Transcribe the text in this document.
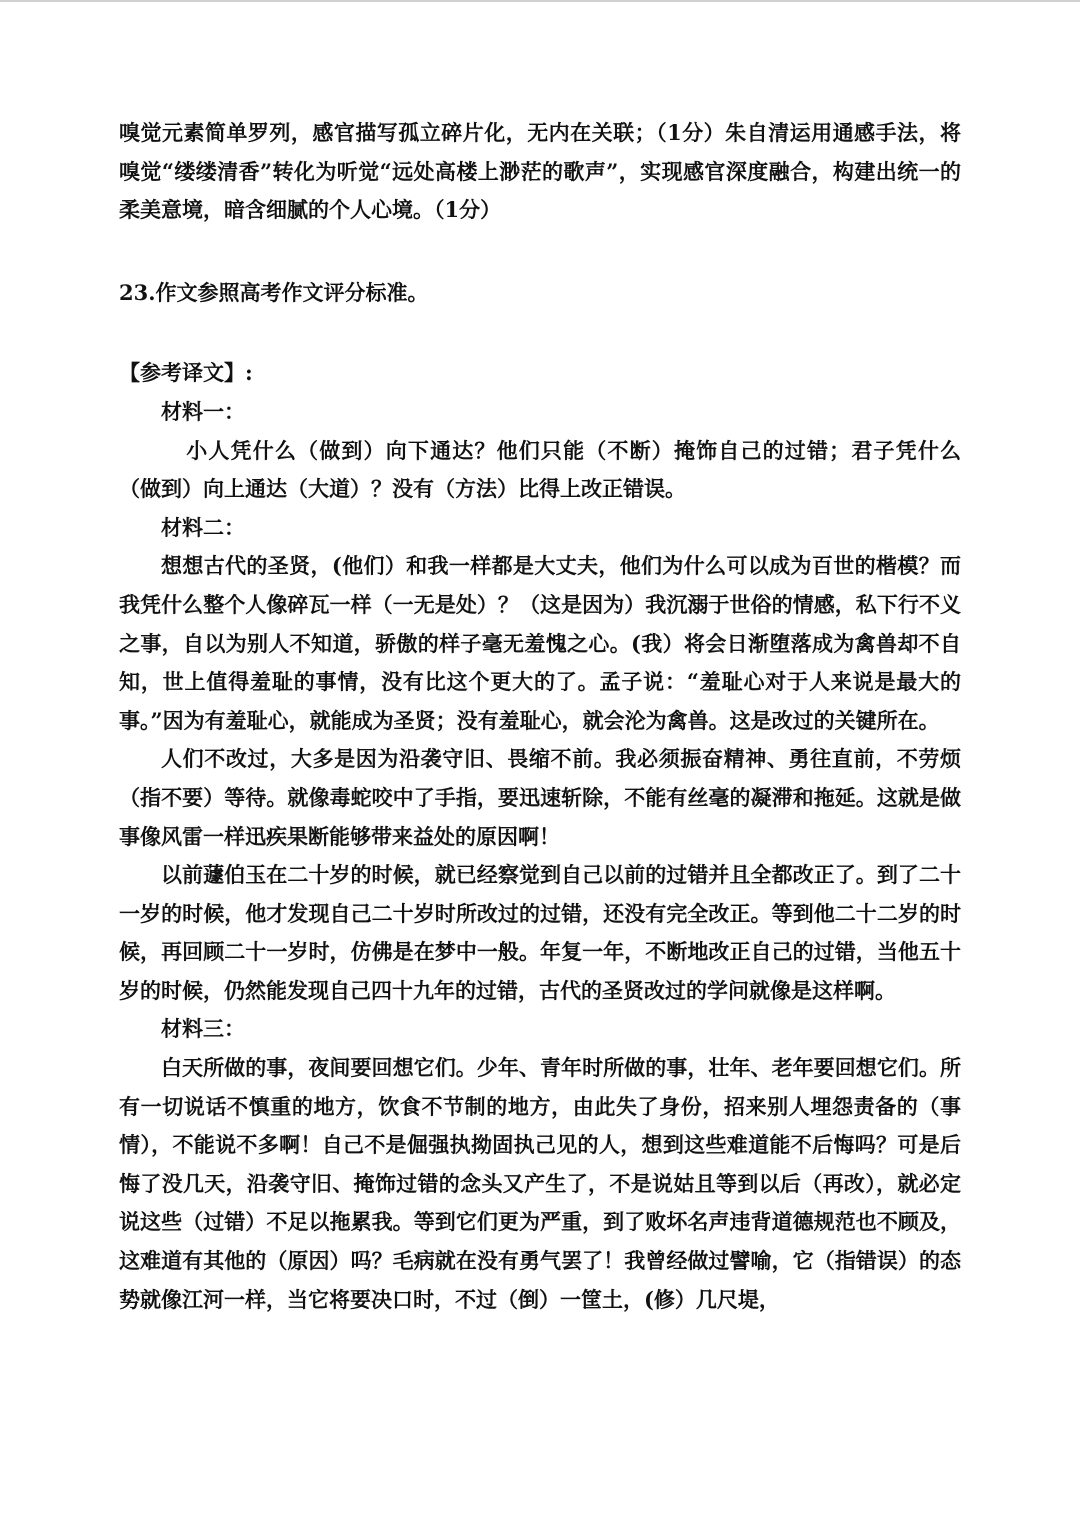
嗅觉元素简单罗列，感官描写孤立碎片化，无内在关联；（1分）朱自清运用通感手法，将嗅觉“缕缕清香”转化为听觉“远处高楼上渺茫的歌声”，实现感官深度融合，构建出统一的柔美意境，暗含细腻的个人心境。（1分）

23.作文参照高考作文评分标准。

【参考译文】:

材料一：

小人凭什么（做到）向下通达？他们只能（不断）掩饰自己的过错；君子凭什么（做到）向上通达（大道）？没有（方法）比得上改正错误。

材料二：

想想古代的圣贤，(他们）和我一样都是大丈夫，他们为什么可以成为百世的楷模？而我凭什么整个人像碎瓦一样（一无是处）？（这是因为）我沉溺于世俗的情感，私下行不义之事，自以为别人不知道，骄傲的样子毫无羞愧之心。(我）将会日渐堕落成为禽兽却不自知，世上值得羞耻的事情，没有比这个更大的了。孟子说：“羞耻心对于人来说是最大的事。”因为有羞耻心，就能成为圣贤；没有羞耻心，就会沦为禽兽。这是改过的关键所在。

人们不改过，大多是因为沿袭守旧、畏缩不前。我必须振奋精神、勇往直前，不劳烦（指不要）等待。就像毒蛇咬中了手指，要迅速斩除，不能有丝毫的凝滞和拖延。这就是做事像风雷一样迅疾果断能够带来益处的原因啊！

以前蘧伯玉在二十岁的时候，就已经察觉到自己以前的过错并且全都改正了。到了二十一岁的时候，他才发现自己二十岁时所改过的过错，还没有完全改正。等到他二十二岁的时候，再回顾二十一岁时，仿佛是在梦中一般。年复一年，不断地改正自己的过错，当他五十岁的时候，仍然能发现自己四十九年的过错，古代的圣贤改过的学问就像是这样啊。

材料三：

白天所做的事，夜间要回想它们。少年、青年时所做的事，壮年、老年要回想它们。所有一切说话不慎重的地方，饮食不节制的地方，由此失了身份，招来别人埋怨责备的（事情），不能说不多啊！自己不是倔强执拗固执己见的人，想到这些难道能不后悔吗？可是后悔了没几天，沿袭守旧、掩饰过错的念头又产生了，不是说姑且等到以后（再改），就必定说这些（过错）不足以拖累我。等到它们更为严重，到了败坏名声违背道德规范也不顾及，这难道有其他的（原因）吗？毛病就在没有勇气罢了！我曾经做过譬喻，它（指错误）的态势就像江河一样，当它将要决口时，不过（倒）一筐土，(修）几尺堤，
